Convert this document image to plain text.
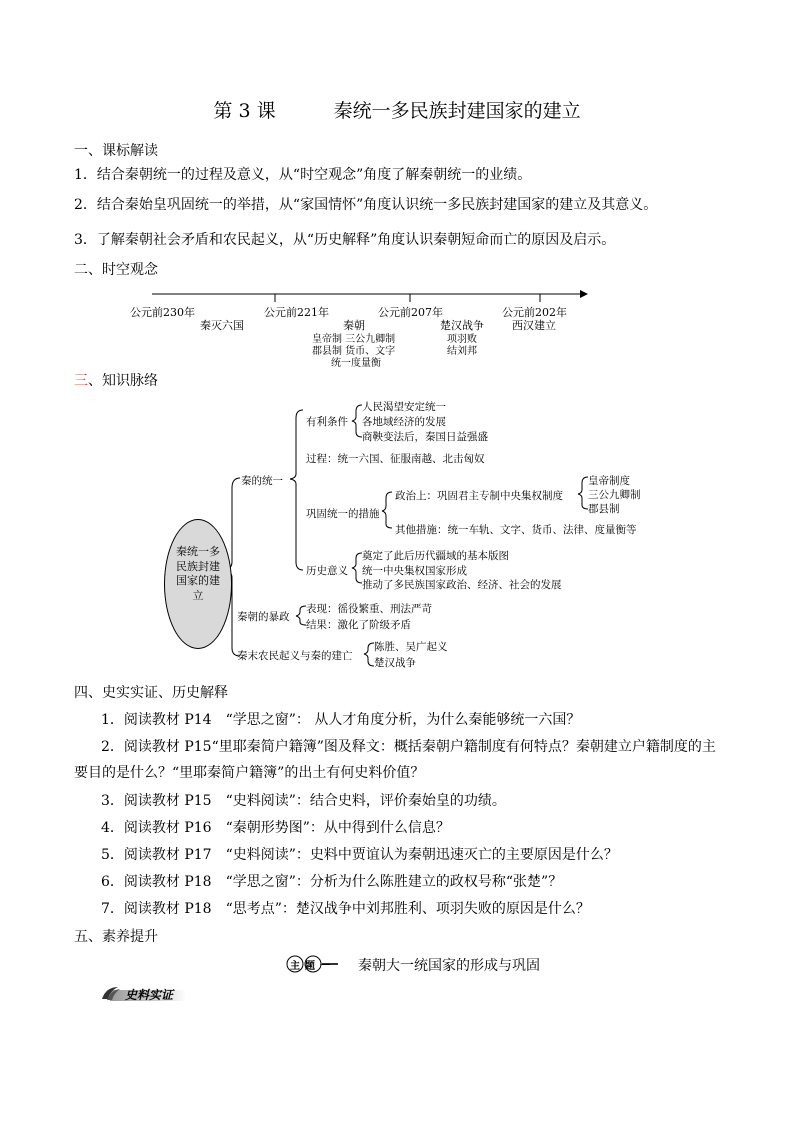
第 3 课	秦统一多民族封建国家的建立
一、课标解读
1．结合秦朝统一的过程及意义，从“时空观念”角度了解秦朝统一的业绩。
2．结合秦始皇巩固统一的举措，从“家国情怀”角度认识统一多民族封建国家的建立及其意义。
3．了解秦朝社会矛盾和农民起义，从“历史解释”角度认识秦朝短命而亡的原因及启示。
二、时空观念
公元前230年	公元前221年	公元前207年	公元前202年
秦灭六国	秦朝
皇帝制 三公九卿制
郡县制 货币、文字
统一度量衡
楚汉战争
项羽败
结刘邦
西汉建立
三、知识脉络
秦统一多
民族封建
国家的建
立
秦的统一
有利条件
人民渴望安定统一
各地域经济的发展
商鞅变法后，秦国日益强盛
过程：统一六国、征服南越、北击匈奴
巩固统一的措施
政治上：巩固君主专制中央集权制度
皇帝制度
三公九卿制
郡县制
其他措施：统一车轨、文字、货币、法律、度量衡等
历史意义
奠定了此后历代疆域的基本版图
统一中央集权国家形成
推动了多民族国家政治、经济、社会的发展
秦朝的暴政
表现：徭役繁重、刑法严苛
结果：激化了阶级矛盾
秦末农民起义与秦的建亡
陈胜、吴广起义
楚汉战争
四、史实实证、历史解释
1．阅读教材 P14　“学思之窗”： 从人才角度分析，为什么秦能够统一六国？
2．阅读教材 P15“里耶秦简户籍簿”图及释文：概括秦朝户籍制度有何特点？秦朝建立户籍制度的主
要目的是什么？“里耶秦简户籍簿”的出土有何史料价值？
3．阅读教材 P15　“史料阅读”：结合史料，评价秦始皇的功绩。
4．阅读教材 P16　“秦朝形势图”：从中得到什么信息？
5．阅读教材 P17　“史料阅读”：史料中贾谊认为秦朝迅速灭亡的主要原因是什么？
6．阅读教材 P18　“学思之窗”：分析为什么陈胜建立的政权号称“张楚”？
7．阅读教材 P18　“思考点”：楚汉战争中刘邦胜利、项羽失败的原因是什么？
五、素养提升
主题一 秦朝大一统国家的形成与巩固
史料实证
